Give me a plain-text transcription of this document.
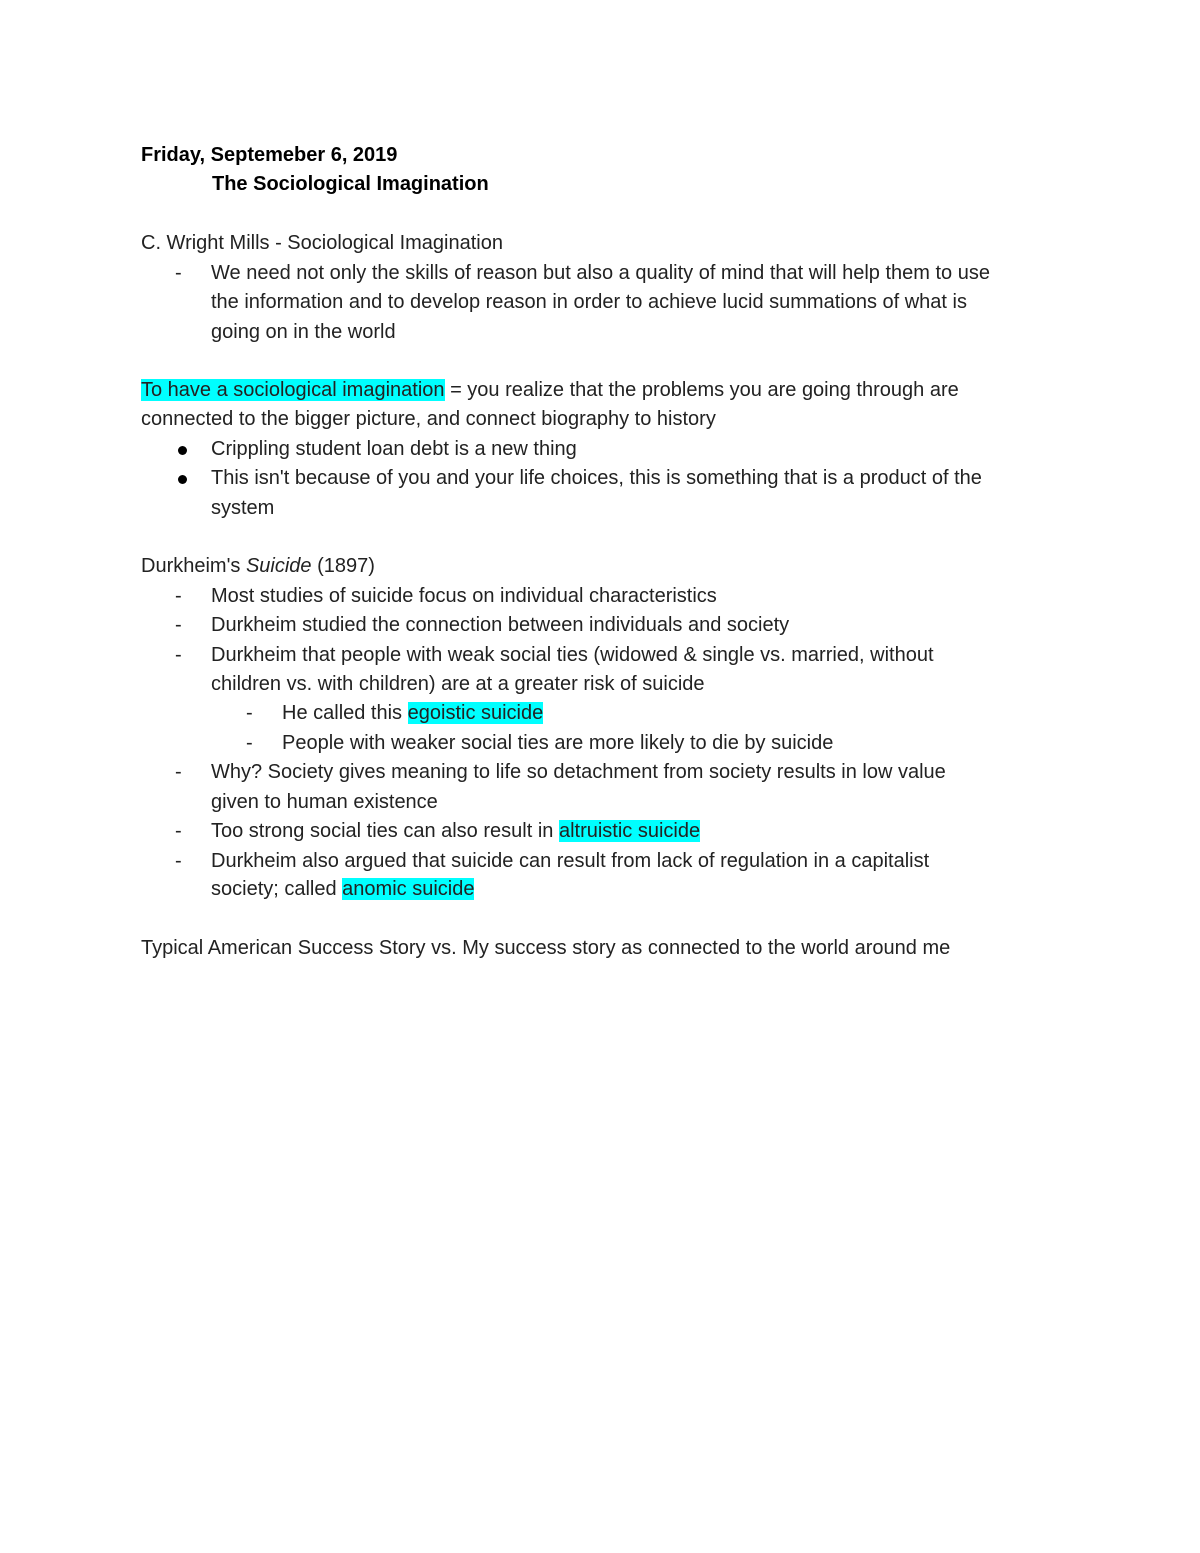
Friday, Septemeber 6, 2019
The Sociological Imagination
C. Wright Mills - Sociological Imagination
- We need not only the skills of reason but also a quality of mind that will help them to use
the information and to develop reason in order to achieve lucid summations of what is
going on in the world
To have a sociological imagination = you realize that the problems you are going through are
connected to the bigger picture, and connect biography to history
Crippling student loan debt is a new thing
This isn't because of you and your life choices, this is something that is a product of the
system
Durkheim's Suicide (1897)
- Most studies of suicide focus on individual characteristics
- Durkheim studied the connection between individuals and society
- Durkheim that people with weak social ties (widowed & single vs. married, without
children vs. with children) are at a greater risk of suicide
- He called this egoistic suicide
- People with weaker social ties are more likely to die by suicide
- Why? Society gives meaning to life so detachment from society results in low value
given to human existence
- Too strong social ties can also result in altruistic suicide
- Durkheim also argued that suicide can result from lack of regulation in a capitalist
society; called anomic suicide
Typical American Success Story vs. My success story as connected to the world around me
